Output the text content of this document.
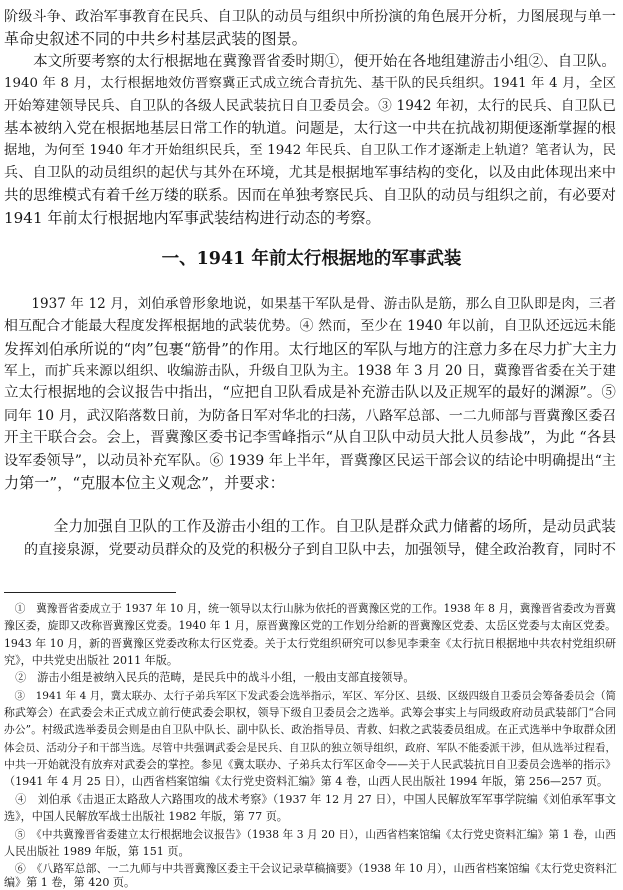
阶级斗争、政治军事教育在民兵、自卫队的动员与组织中所扮演的角色展开分析，力图展现与单一
革命史叙述不同的中共乡村基层武装的图景。
　　本文所要考察的太行根据地在冀豫晋省委时期①，便开始在各地组建游击小组②、自卫队。
1940 年 8 月，太行根据地效仿晋察冀正式成立统合青抗先、基干队的民兵组织。1941 年 4 月，全区
开始筹建领导民兵、自卫队的各级人民武装抗日自卫委员会。③ 1942 年初，太行的民兵、自卫队已
基本被纳入党在根据地基层日常工作的轨道。问题是，太行这一中共在抗战初期便逐渐掌握的根
据地，为何至 1940 年才开始组织民兵，至 1942 年民兵、自卫队工作才逐渐走上轨道？笔者认为，民
兵、自卫队的动员组织的起伏与其外在环境，尤其是根据地军事结构的变化，以及由此体现出来中
共的思维模式有着千丝万缕的联系。因而在单独考察民兵、自卫队的动员与组织之前，有必要对
1941 年前太行根据地内军事武装结构进行动态的考察。
一、1941 年前太行根据地的军事武装
　　1937 年 12 月，刘伯承曾形象地说，如果基干军队是骨、游击队是筋，那么自卫队即是肉，三者
相互配合才能最大程度发挥根据地的武装优势。④ 然而，至少在 1940 年以前，自卫队还远远未能
发挥刘伯承所说的“肉”包裹“筋骨”的作用。太行地区的军队与地方的注意力多在尽力扩大主力
军上，而扩兵来源以组织、收编游击队，升级自卫队为主。1938 年 3 月 20 日，冀豫晋省委在关于建
立太行根据地的会议报告中指出，“应把自卫队看成是补充游击队以及正规军的最好的渊源”。⑤
同年 10 月，武汉陷落数日前，为防备日军对华北的扫荡，八路军总部、一二九师部与晋冀豫区委召
开主干联合会。会上，晋冀豫区委书记李雪峰指示“从自卫队中动员大批人员参战”，为此 “各县
设军委领导”，以动员补充军队。⑥ 1939 年上半年，晋冀豫区民运干部会议的结论中明确提出“主
力第一”，“克服本位主义观念”，并要求：
　　全力加强自卫队的工作及游击小组的工作。自卫队是群众武力储蓄的场所，是动员武装
的直接泉源，党要动员群众的及党的积极分子到自卫队中去，加强领导，健全政治教育，同时不
　①　冀豫晋省委成立于 1937 年 10 月，统一领导以太行山脉为依托的晋冀豫区党的工作。1938 年 8 月，冀豫晋省委改为晋冀
豫区委，旋即又改称晋冀豫区党委。1940 年 1 月，原晋冀豫区党的工作划分给新的晋冀豫区党委、太岳区党委与太南区党委。
1943 年 10 月，新的晋冀豫区党委改称太行区党委。关于太行党组织研究可以参见李秉奎《太行抗日根据地中共农村党组织研
究》，中共党史出版社 2011 年版。
　②　游击小组是被纳入民兵的范畴，是民兵中的战斗小组，一般由支部直接领导。
　③　1941 年 4 月，冀太联办、太行子弟兵军区下发武委会选举指示，军区、军分区、县级、区级四级自卫委员会筹备委员会（简
称武筹会）在武委会未正式成立前行使武委会职权，领导下级自卫委员会之选举。武筹会事实上与同级政府动员武装部门“合同
办公”。村级武选举委员会则是由自卫队中队长、副中队长、政治指导员、青救、妇救之武装委员组成。在正式选举中争取群众团
体会员、活动分子和干部当选。尽管中共强调武委会是民兵、自卫队的独立领导组织，政府、军队不能委派干涉，但从选举过程看，
中共一开始就没有放弃对武委会的掌控。参见《冀太联办、子弟兵太行军区命令——关于人民武装抗日自卫委员会选举的指示》
（1941 年 4 月 25 日），山西省档案馆编《太行党史资料汇编》第 4 卷，山西人民出版社 1994 年版，第 256—257 页。
　④　刘伯承《击退正太路敌人六路围攻的战术考察》（1937 年 12 月 27 日），中国人民解放军军事学院编《刘伯承军事文
选》，中国人民解放军战士出版社 1982 年版，第 77 页。
　⑤　《中共冀豫晋省委建立太行根据地会议报告》（1938 年 3 月 20 日），山西省档案馆编《太行党史资料汇编》第 1 卷，山西
人民出版社 1989 年版，第 151 页。
　⑥　《八路军总部、一二九师与中共晋冀豫区委主干会议记录草稿摘要》（1938 年 10 月），山西省档案馆编《太行党史资料汇
编》第 1 卷，第 420 页。
